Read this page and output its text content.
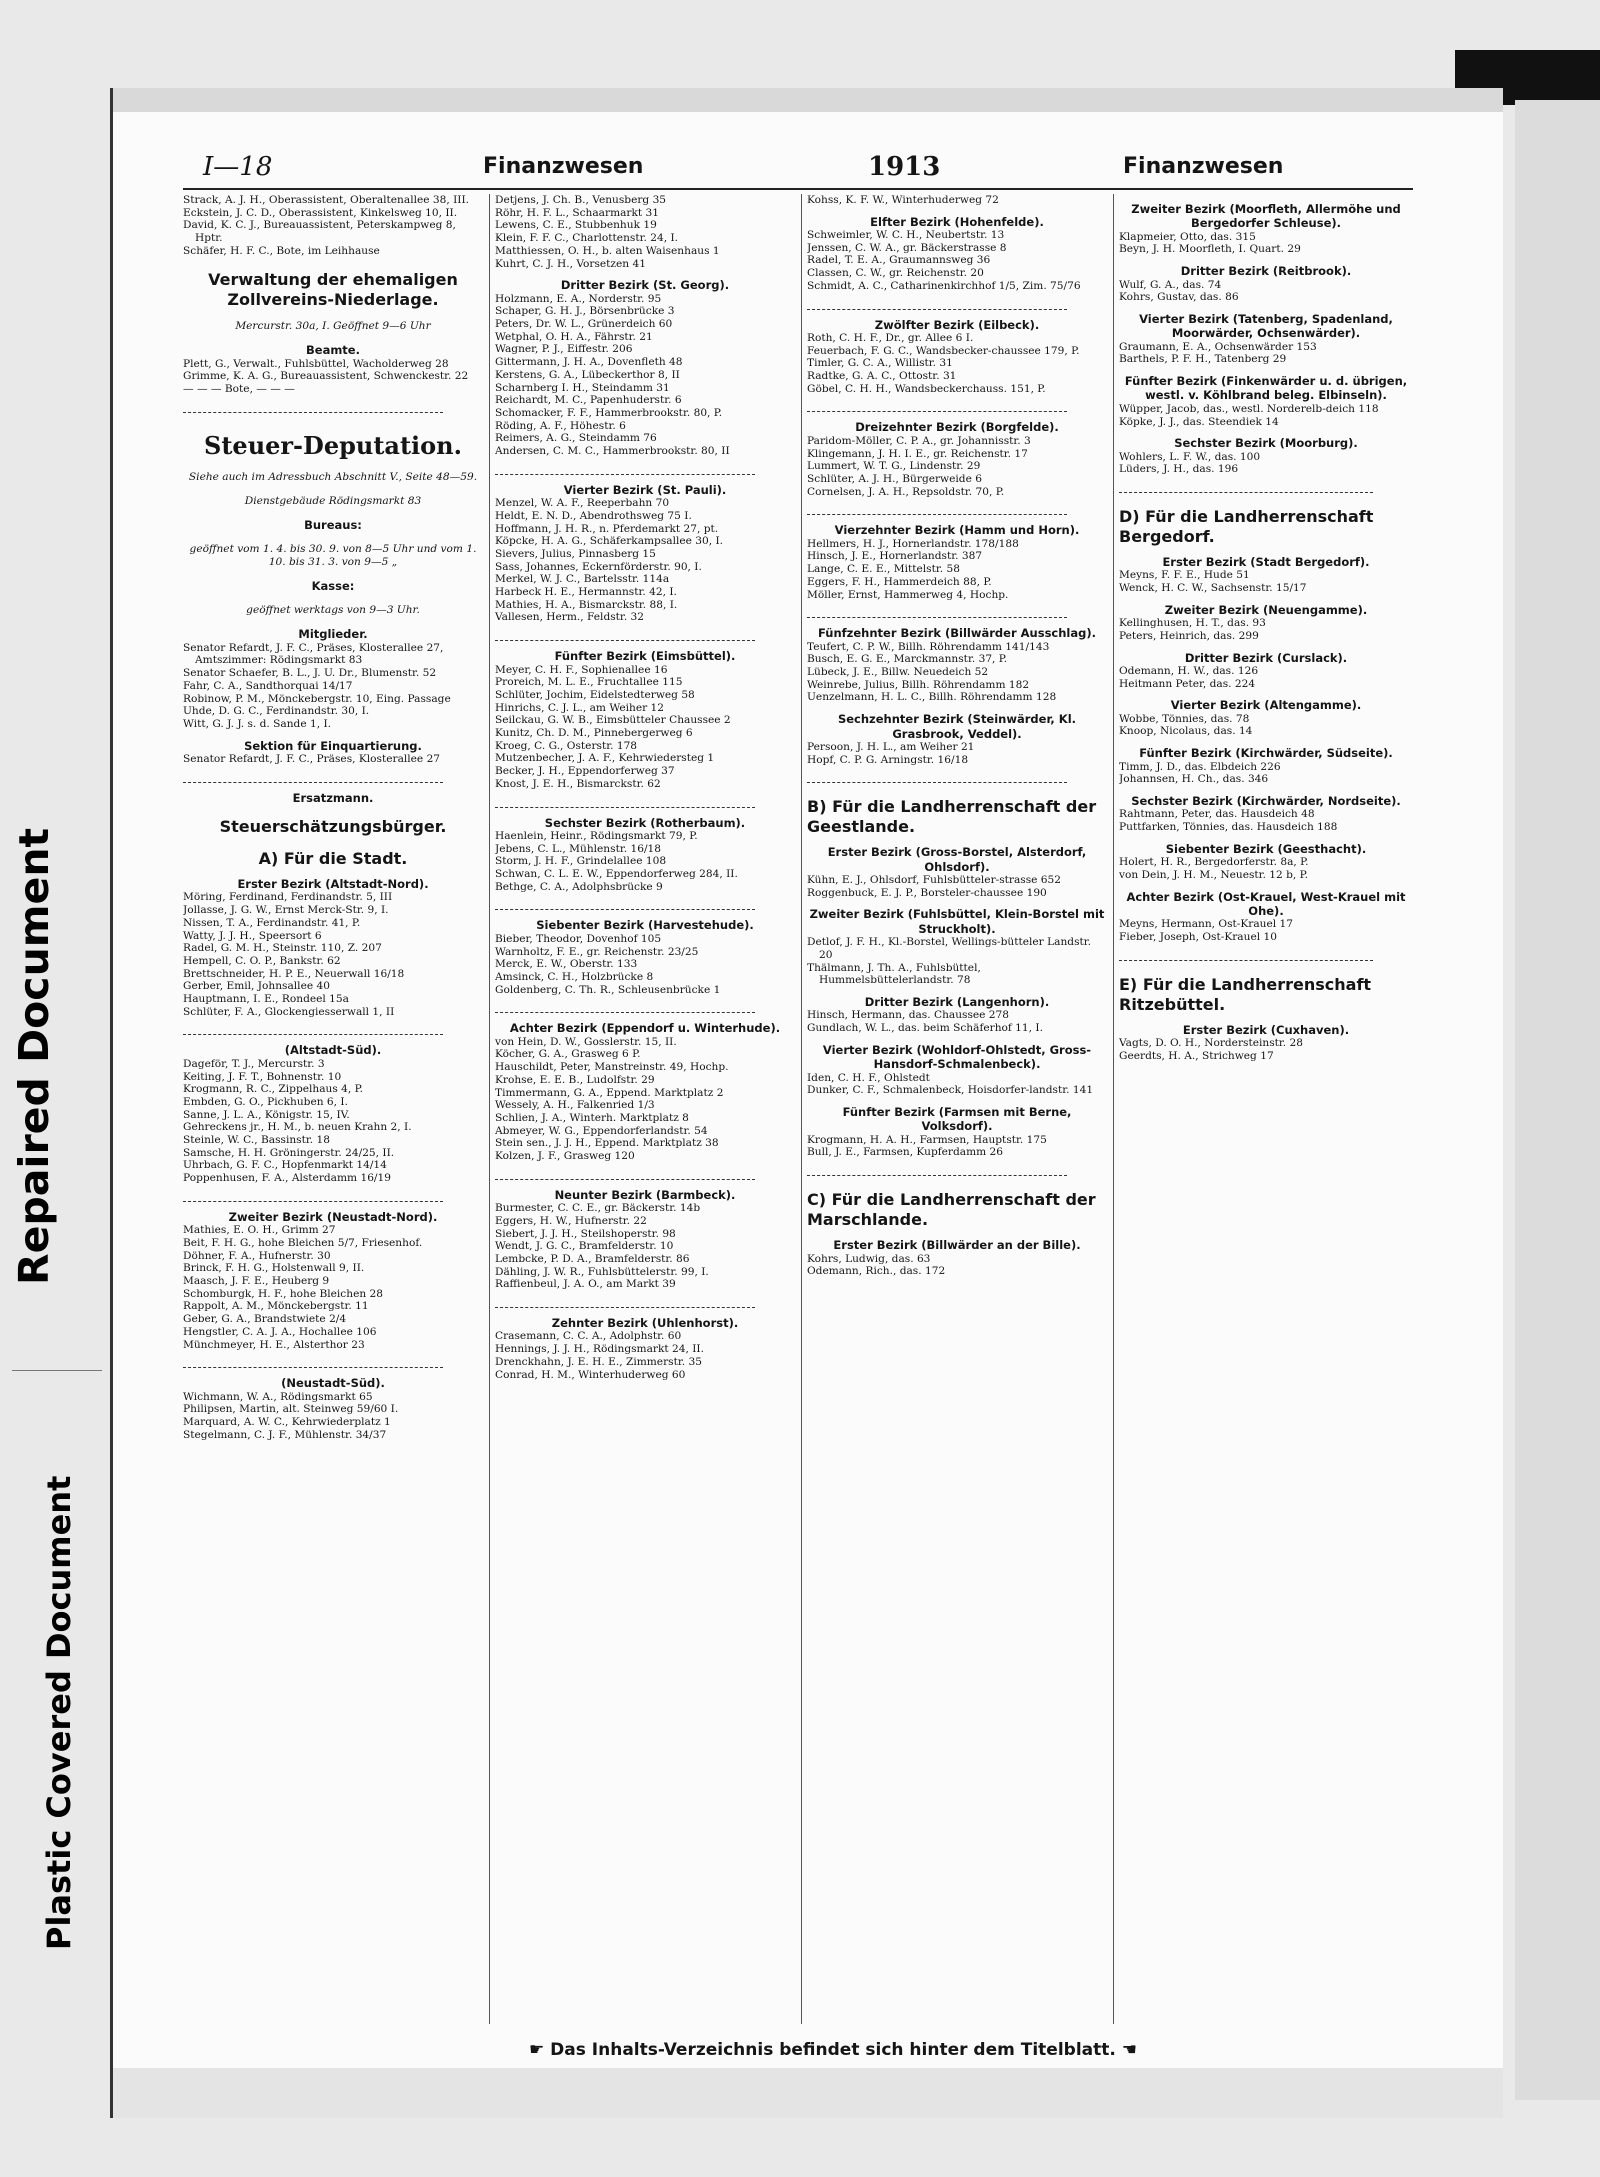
Repaired Document
Plastic Covered Document
I—18	Finanzwesen	1913	Finanzwesen

Strack, A. J. H., Oberassistent, Oberaltenallee 38, III.

Eckstein, J. C. D., Oberassistent, Kinkelsweg 10, II.

David, K. C. J., Bureauassistent, Peterskampweg 8, Hptr.

Schäfer, H. F. C., Bote, im Leihhause

Verwaltung der ehemaligen Zollvereins-Niederlage.

Mercurstr. 30a, I. Geöffnet 9—6 Uhr

Beamte.

Plett, G., Verwalt., Fuhlsbüttel, Wacholderweg 28

Grimme, K. A. G., Bureauassistent, Schwenckestr. 22

— — — Bote, — — —

Steuer-Deputation.

Siehe auch im Adressbuch Abschnitt V., Seite 48—59.

Dienstgebäude Rödingsmarkt 83

Bureaus:

geöffnet vom 1. 4. bis 30. 9. von 8—5 Uhr und vom 1. 10. bis 31. 3. von 9—5 „

Kasse:

geöffnet werktags von 9—3 Uhr.

Mitglieder.

Senator Refardt, J. F. C., Präses, Klosterallee 27, Amtszimmer: Rödingsmarkt 83

Senator Schaefer, B. L., J. U. Dr., Blumenstr. 52

Fahr, C. A., Sandthorquai 14/17

Robinow, P. M., Mönckebergstr. 10, Eing. Passage

Uhde, D. G. C., Ferdinandstr. 30, I.

Witt, G. J. J. s. d. Sande 1, I.

Sektion für Einquartierung.

Senator Refardt, J. F. C., Präses, Klosterallee 27

Ersatzmann.
Steuerschätzungsbürger.
A) Für die Stadt.
Erster Bezirk (Altstadt-Nord).

Möring, Ferdinand, Ferdinandstr. 5, III

Jollasse, J. G. W., Ernst Merck-Str. 9, I.

Nissen, T. A., Ferdinandstr. 41, P.

Watty, J. J. H., Speersort 6

Radel, G. M. H., Steinstr. 110, Z. 207

Hempell, C. O. P., Bankstr. 62

Brettschneider, H. P. E., Neuerwall 16/18

Gerber, Emil, Johnsallee 40

Hauptmann, I. E., Rondeel 15a

Schlüter, F. A., Glockengiesserwall 1, II

(Altstadt-Süd).

Dageför, T. J., Mercurstr. 3

Keiting, J. F. T., Bohnenstr. 10

Krogmann, R. C., Zippelhaus 4, P.

Embden, G. O., Pickhuben 6, I.

Sanne, J. L. A., Königstr. 15, IV.

Gehreckens jr., H. M., b. neuen Krahn 2, I.

Steinle, W. C., Bassinstr. 18

Samsche, H. H. Gröningerstr. 24/25, II.

Uhrbach, G. F. C., Hopfenmarkt 14/14

Poppenhusen, F. A., Alsterdamm 16/19

Zweiter Bezirk (Neustadt-Nord).

Mathies, E. O. H., Grimm 27

Beit, F. H. G., hohe Bleichen 5/7, Friesenhof.

Döhner, F. A., Hufnerstr. 30

Brinck, F. H. G., Holstenwall 9, II.

Maasch, J. F. E., Heuberg 9

Schomburgk, H. F., hohe Bleichen 28

Rappolt, A. M., Mönckebergstr. 11

Geber, G. A., Brandstwiete 2/4

Hengstler, C. A. J. A., Hochallee 106

Münchmeyer, H. E., Alsterthor 23

(Neustadt-Süd).

Wichmann, W. A., Rödingsmarkt 65

Philipsen, Martin, alt. Steinweg 59/60 I.

Marquard, A. W. C., Kehrwiederplatz 1

Stegelmann, C. J. F., Mühlenstr. 34/37

Detjens, J. Ch. B., Venusberg 35

Röhr, H. F. L., Schaarmarkt 31

Lewens, C. E., Stubbenhuk 19

Klein, F. F. C., Charlottenstr. 24, I.

Matthiessen, O. H., b. alten Waisenhaus 1

Kuhrt, C. J. H., Vorsetzen 41

Dritter Bezirk (St. Georg).

Holzmann, E. A., Norderstr. 95

Schaper, G. H. J., Börsenbrücke 3

Peters, Dr. W. L., Grünerdeich 60

Wetphal, O. H. A., Fährstr. 21

Wagner, P. J., Eiffestr. 206

Gittermann, J. H. A., Dovenfleth 48

Kerstens, G. A., Lübeckerthor 8, II

Scharnberg I. H., Steindamm 31

Reichardt, M. C., Papenhuderstr. 6

Schomacker, F. F., Hammerbrookstr. 80, P.

Röding, A. F., Höhestr. 6

Reimers, A. G., Steindamm 76

Andersen, C. M. C., Hammerbrookstr. 80, II

Vierter Bezirk (St. Pauli).

Menzel, W. A. F., Reeperbahn 70

Heldt, E. N. D., Abendrothsweg 75 I.

Hoffmann, J. H. R., n. Pferdemarkt 27, pt.

Köpcke, H. A. G., Schäferkampsallee 30, I.

Sievers, Julius, Pinnasberg 15

Sass, Johannes, Eckernförderstr. 90, I.

Merkel, W. J. C., Bartelsstr. 114a

Harbeck H. E., Hermannstr. 42, I.

Mathies, H. A., Bismarckstr. 88, I.

Vallesen, Herm., Feldstr. 32

Fünfter Bezirk (Eimsbüttel).

Meyer, C. H. F., Sophienallee 16

Proreich, M. L. E., Fruchtallee 115

Schlüter, Jochim, Eidelstedterweg 58

Hinrichs, C. J. L., am Weiher 12

Seilckau, G. W. B., Eimsbütteler Chaussee 2

Kunitz, Ch. D. M., Pinnebergerweg 6

Kroeg, C. G., Osterstr. 178

Mutzenbecher, J. A. F., Kehrwiedersteg 1

Becker, J. H., Eppendorferweg 37

Knost, J. E. H., Bismarckstr. 62

Sechster Bezirk (Rotherbaum).

Haenlein, Heinr., Rödingsmarkt 79, P.

Jebens, C. L., Mühlenstr. 16/18

Storm, J. H. F., Grindelallee 108

Schwan, C. L. E. W., Eppendorferweg 284, II.

Bethge, C. A., Adolphsbrücke 9

Siebenter Bezirk (Harvestehude).

Bieber, Theodor, Dovenhof 105

Warnholtz, F. E., gr. Reichenstr. 23/25

Merck, E. W., Oberstr. 133

Amsinck, C. H., Holzbrücke 8

Goldenberg, C. Th. R., Schleusenbrücke 1

Achter Bezirk (Eppendorf u. Winterhude).

von Hein, D. W., Gosslerstr. 15, II.

Köcher, G. A., Grasweg 6 P.

Hauschildt, Peter, Manstreinstr. 49, Hochp.

Krohse, E. E. B., Ludolfstr. 29

Timmermann, G. A., Eppend. Marktplatz 2

Wessely, A. H., Falkenried 1/3

Schlien, J. A., Winterh. Marktplatz 8

Abmeyer, W. G., Eppendorferlandstr. 54

Stein sen., J. J. H., Eppend. Marktplatz 38

Kolzen, J. F., Grasweg 120

Neunter Bezirk (Barmbeck).

Burmester, C. C. E., gr. Bäckerstr. 14b

Eggers, H. W., Hufnerstr. 22

Siebert, J. J. H., Steilshoperstr. 98

Wendt, J. G. C., Bramfelderstr. 10

Lembcke, P. D. A., Bramfelderstr. 86

Dähling, J. W. R., Fuhlsbüttelerstr. 99, I.

Raffienbeul, J. A. O., am Markt 39

Zehnter Bezirk (Uhlenhorst).

Crasemann, C. C. A., Adolphstr. 60

Hennings, J. J. H., Rödingsmarkt 24, II.

Drenckhahn, J. E. H. E., Zimmerstr. 35

Conrad, H. M., Winterhuderweg 60

Kohss, K. F. W., Winterhuderweg 72

Elfter Bezirk (Hohenfelde).

Schweimler, W. C. H., Neubertstr. 13

Jenssen, C. W. A., gr. Bäckerstrasse 8

Radel, T. E. A., Graumannsweg 36

Classen, C. W., gr. Reichenstr. 20

Schmidt, A. C., Catharinenkirchhof 1/5, Zim. 75/76

Zwölfter Bezirk (Eilbeck).

Roth, C. H. F., Dr., gr. Allee 6 I.

Feuerbach, F. G. C., Wandsbecker-chaussee 179, P.

Timler, G. C. A., Willistr. 31

Radtke, G. A. C., Ottostr. 31

Göbel, C. H. H., Wandsbeckerchauss. 151, P.

Dreizehnter Bezirk (Borgfelde).

Paridom-Möller, C. P. A., gr. Johannisstr. 3

Klingemann, J. H. I. E., gr. Reichenstr. 17

Lummert, W. T. G., Lindenstr. 29

Schlüter, A. J. H., Bürgerweide 6

Cornelsen, J. A. H., Repsoldstr. 70, P.

Vierzehnter Bezirk (Hamm und Horn).

Hellmers, H. J., Hornerlandstr. 178/188

Hinsch, J. E., Hornerlandstr. 387

Lange, C. E. E., Mittelstr. 58

Eggers, F. H., Hammerdeich 88, P.

Möller, Ernst, Hammerweg 4, Hochp.

Fünfzehnter Bezirk (Billwärder Ausschlag).

Teufert, C. P. W., Billh. Röhrendamm 141/143

Busch, E. G. E., Marckmannstr. 37, P.

Lübeck, J. E., Billw. Neuedeich 52

Weinrebe, Julius, Billh. Röhrendamm 182

Uenzelmann, H. L. C., Billh. Röhrendamm 128

Sechzehnter Bezirk (Steinwärder, Kl. Grasbrook, Veddel).

Persoon, J. H. L., am Weiher 21

Hopf, C. P. G. Arningstr. 16/18

B) Für die Landherrenschaft der Geestlande.
Erster Bezirk (Gross-Borstel, Alsterdorf, Ohlsdorf).

Kühn, E. J., Ohlsdorf, Fuhlsbütteler-strasse 652

Roggenbuck, E. J. P., Borsteler-chaussee 190

Zweiter Bezirk (Fuhlsbüttel, Klein-Borstel mit Struckholt).

Detlof, J. F. H., Kl.-Borstel, Wellings-bütteler Landstr. 20

Thälmann, J. Th. A., Fuhlsbüttel, Hummelsbüttelerlandstr. 78

Dritter Bezirk (Langenhorn).

Hinsch, Hermann, das. Chaussee 278

Gundlach, W. L., das. beim Schäferhof 11, I.

Vierter Bezirk (Wohldorf-Ohlstedt, Gross-Hansdorf-Schmalenbeck).

Iden, C. H. F., Ohlstedt

Dunker, C. F., Schmalenbeck, Hoisdorfer-landstr. 141

Fünfter Bezirk (Farmsen mit Berne, Volksdorf).

Krogmann, H. A. H., Farmsen, Hauptstr. 175

Bull, J. E., Farmsen, Kupferdamm 26

C) Für die Landherrenschaft der Marschlande.
Erster Bezirk (Billwärder an der Bille).

Kohrs, Ludwig, das. 63

Odemann, Rich., das. 172

Zweiter Bezirk (Moorfleth, Allermöhe und Bergedorfer Schleuse).

Klapmeier, Otto, das. 315

Beyn, J. H. Moorfleth, I. Quart. 29

Dritter Bezirk (Reitbrook).

Wulf, G. A., das. 74

Kohrs, Gustav, das. 86

Vierter Bezirk (Tatenberg, Spadenland, Moorwärder, Ochsenwärder).

Graumann, E. A., Ochsenwärder 153

Barthels, P. F. H., Tatenberg 29

Fünfter Bezirk (Finkenwärder u. d. übrigen, westl. v. Köhlbrand beleg. Elbinseln).

Wüpper, Jacob, das., westl. Norderelb-deich 118

Köpke, J. J., das. Steendiek 14

Sechster Bezirk (Moorburg).

Wohlers, L. F. W., das. 100

Lüders, J. H., das. 196

D) Für die Landherrenschaft Bergedorf.
Erster Bezirk (Stadt Bergedorf).

Meyns, F. F. E., Hude 51

Wenck, H. C. W., Sachsenstr. 15/17

Zweiter Bezirk (Neuengamme).

Kellinghusen, H. T., das. 93

Peters, Heinrich, das. 299

Dritter Bezirk (Curslack).

Odemann, H. W., das. 126

Heitmann Peter, das. 224

Vierter Bezirk (Altengamme).

Wobbe, Tönnies, das. 78

Knoop, Nicolaus, das. 14

Fünfter Bezirk (Kirchwärder, Südseite).

Timm, J. D., das. Elbdeich 226

Johannsen, H. Ch., das. 346

Sechster Bezirk (Kirchwärder, Nordseite).

Rahtmann, Peter, das. Hausdeich 48

Puttfarken, Tönnies, das. Hausdeich 188

Siebenter Bezirk (Geesthacht).

Holert, H. R., Bergedorferstr. 8a, P.

von Dein, J. H. M., Neuestr. 12 b, P.

Achter Bezirk (Ost-Krauel, West-Krauel mit Ohe).

Meyns, Hermann, Ost-Krauel 17

Fieber, Joseph, Ost-Krauel 10

E) Für die Landherrenschaft Ritzebüttel.
Erster Bezirk (Cuxhaven).

Vagts, D. O. H., Nordersteinstr. 28

Geerdts, H. A., Strichweg 17

☛ Das Inhalts-Verzeichnis befindet sich hinter dem Titelblatt. ☚
